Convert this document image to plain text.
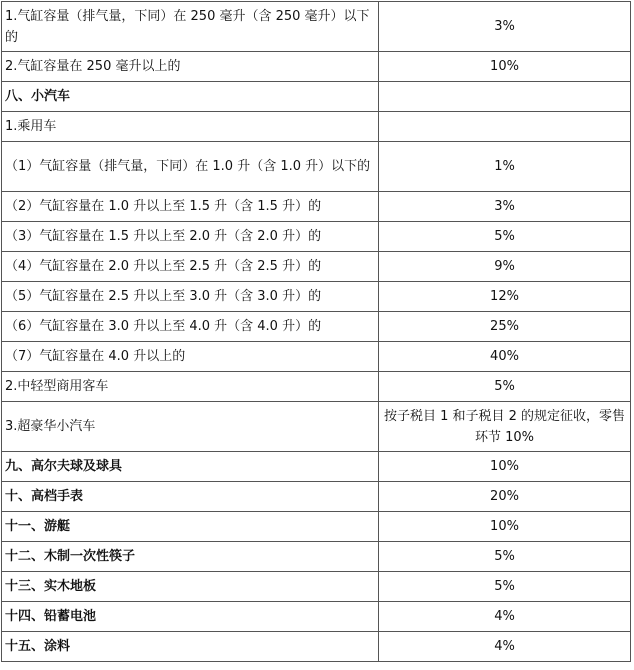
1.气缸容量（排气量，下同）在 250 毫升（含 250 毫升）以下的	3%
2.气缸容量在 250 毫升以上的	10%
八、小汽车	
1.乘用车	
（1）气缸容量（排气量，下同）在 1.0 升（含 1.0 升）以下的	1%
（2）气缸容量在 1.0 升以上至 1.5 升（含 1.5 升）的	3%
（3）气缸容量在 1.5 升以上至 2.0 升（含 2.0 升）的	5%
（4）气缸容量在 2.0 升以上至 2.5 升（含 2.5 升）的	9%
（5）气缸容量在 2.5 升以上至 3.0 升（含 3.0 升）的	12%
（6）气缸容量在 3.0 升以上至 4.0 升（含 4.0 升）的	25%
（7）气缸容量在 4.0 升以上的	40%
2.中轻型商用客车	5%
3.超豪华小汽车	按子税目 1 和子税目 2 的规定征收，零售环节 10%
九、高尔夫球及球具	10%
十、高档手表	20%
十一、游艇	10%
十二、木制一次性筷子	5%
十三、实木地板	5%
十四、铅蓄电池	4%
十五、涂料	4%
